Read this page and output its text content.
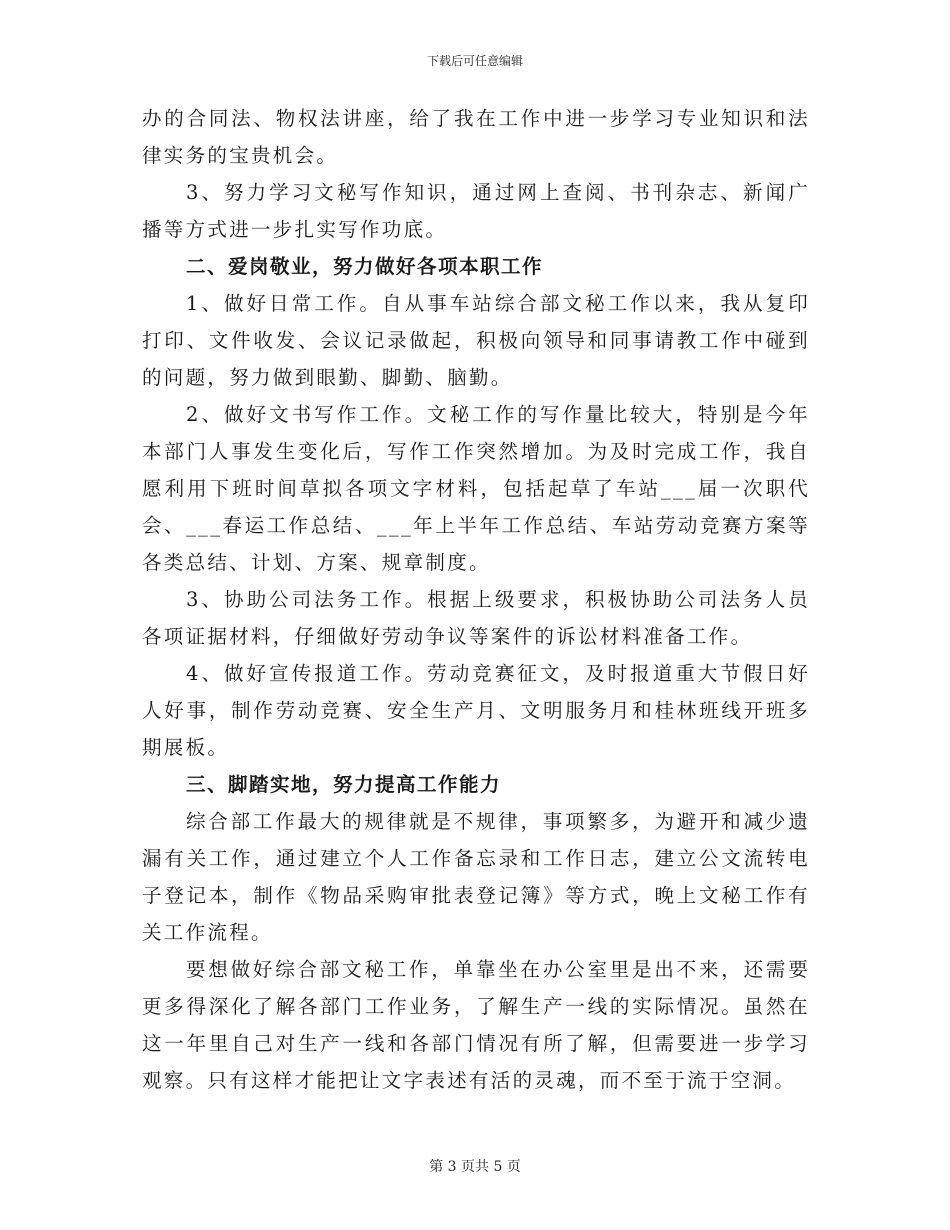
下载后可任意编辑

办的合同法、物权法讲座，给了我在工作中进一步学习专业知识和法律实务的宝贵机会。

3、努力学习文秘写作知识，通过网上查阅、书刊杂志、新闻广播等方式进一步扎实写作功底。

二、爱岗敬业，努力做好各项本职工作

1、做好日常工作。自从事车站综合部文秘工作以来，我从复印打印、文件收发、会议记录做起，积极向领导和同事请教工作中碰到的问题，努力做到眼勤、脚勤、脑勤。

2、做好文书写作工作。文秘工作的写作量比较大，特别是今年本部门人事发生变化后，写作工作突然增加。为及时完成工作，我自愿利用下班时间草拟各项文字材料，包括起草了车站___届一次职代会、___春运工作总结、___年上半年工作总结、车站劳动竞赛方案等各类总结、计划、方案、规章制度。

3、协助公司法务工作。根据上级要求，积极协助公司法务人员各项证据材料，仔细做好劳动争议等案件的诉讼材料准备工作。

4、做好宣传报道工作。劳动竞赛征文，及时报道重大节假日好人好事，制作劳动竞赛、安全生产月、文明服务月和桂林班线开班多期展板。

三、脚踏实地，努力提高工作能力

综合部工作最大的规律就是不规律，事项繁多，为避开和减少遗漏有关工作，通过建立个人工作备忘录和工作日志，建立公文流转电子登记本，制作《物品采购审批表登记簿》等方式，晚上文秘工作有关工作流程。

要想做好综合部文秘工作，单靠坐在办公室里是出不来，还需要更多得深化了解各部门工作业务，了解生产一线的实际情况。虽然在这一年里自己对生产一线和各部门情况有所了解，但需要进一步学习观察。只有这样才能把让文字表述有活的灵魂，而不至于流于空洞。

第 3 页共 5 页
